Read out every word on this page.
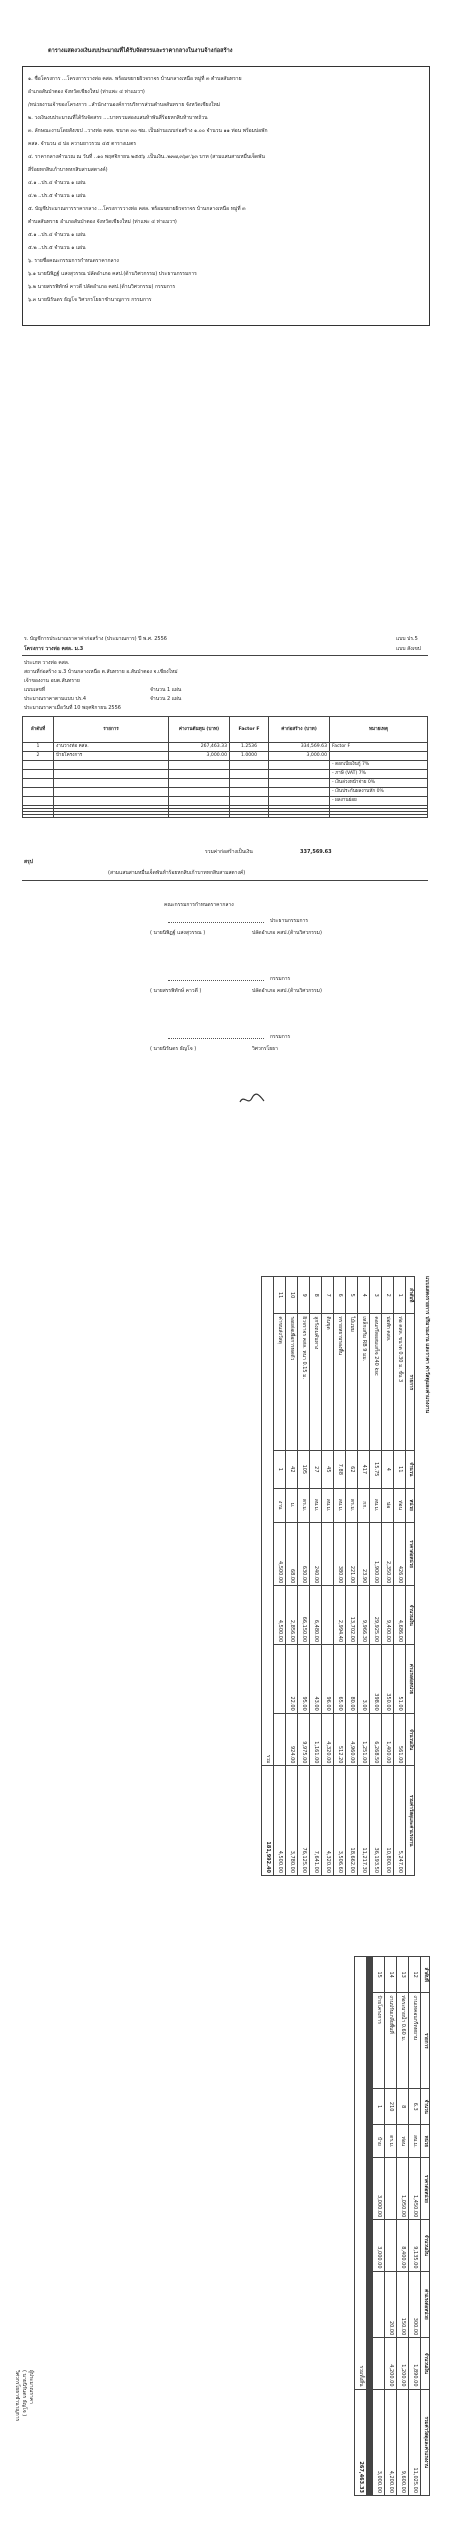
ตารางแสดงวงเงินงบประมาณที่ได้รับจัดสรรและราคากลางในงานจ้างก่อสร้าง
๑. ชื่อโครงการ ...โครงการวางท่อ คสล. พร้อมขยายผิวจราจร บ้านกลางเหนือ หมู่ที่ ๓ ตำบลสันทราย
อำเภอสันป่าตอง จังหวัดเชียงใหม่ (ท่าแพะ ๔ ท่าแมวฯ)
/หน่วยงานเจ้าของโครงการ ..สำนักงานองค์การบริหารส่วนตำบลสันทราย จังหวัดเชียงใหม่
๒. วงเงินงบประมาณที่ได้รับจัดสรร ....บาทรวมสองแสนห้าพันสี่ร้อยหกสิบห้าบาทถ้วน
๓. ลักษณะงานโดยสังเขป ..วางท่อ คสล. ขนาด ๓๐ ซม. เป็นผ่านแบบก่อสร้าง ๑.๐๐ จำนวน ๑๑ ท่อน พร้อมบ่อพัก
คสล. จำนวน ๔ บ่อ ความยาวรวม ๔๕ ตารางเมตร
๔. ราคากลางคำนวณ ณ วันที่ ..๑๐ พฤศจิกายน ๒๕๕๖ .เป็นเงิน..๒๓๗,๓๖๙.๖๓ บาท (สามแสนสามหมื่นเจ็ดพัน
สี่ร้อยหกสิบเก้าบาทหกสิบสามสตางค์)
๔.๑ ..ปร.๔ จำนวน ๑ แผ่น
๔.๒ ..ปร.๕ จำนวน ๑ แผ่น
๕. บัญชีประมาณการราคากลาง ...โครงการวางท่อ คสล. พร้อมขยายผิวจราจร บ้านกลางเหนือ หมู่ที่ ๓
ตำบลสันทราย อำเภอสันป่าตอง จังหวัดเชียงใหม่ (ท่าแพะ ๔ ท่าแมวฯ)
๕.๑ ..ปร.๔ จำนวน ๑ แผ่น
๕.๒ ..ปร.๕ จำนวน ๑ แผ่น
๖. รายชื่อคณะกรรมการกำหนดราคากลาง
๖.๑ นายนิพิฏฐ์ แสงสุวรรณ ปลัดอำเภอ คสป.(ด้านวิศวกรรม) ประธานกรรมการ
๖.๒ นายสรรพิทักษ์ คาวดี ปลัดอำเภอ คสป.(ด้านวิศวกรรม) กรรมการ
๖.๓ นายนิรันดร ธัญโจ วิศวกรโยธาชำนาญการ กรรมการ
ร. บัญชีการประมาณราคาค่าก่อสร้าง (ประมาณการ) ปี พ.ศ. 2556	แบบ ปร.5
โครงการ วางท่อ คสล. ม.3	แบบ สังเขป
ประเภท วางท่อ คสล.
สถานที่ก่อสร้าง ม.3 บ้านกลางเหนือ ต.สันทราย อ.สันป่าตอง จ.เชียงใหม่
เจ้าของงาน อบต.สันทราย
แบบเลขที่	จำนวน 1 แผ่น
ประมาณราคาตามแบบ ปร.4	จำนวน 2 แผ่น
ประมาณราคาเมื่อวันที่ 10 พฤศจิกายน 2556
ลำดับที่	รายการ	ค่างานต้นทุน (บาท)	Factor F	ค่าก่อสร้าง (บาท)	หมายเหตุ
1	งานวางท่อ คสล.	267,463.33	1.2536	334,569.63	Factor F
2	ป้ายโครงการ	3,000.00	1.0000	3,000.00	
					- ดอกเบี้ยเงินกู้ 7%
					- ภาษี (VAT) 7%
					- เงินล่วงหน้าจ่าย 0%
					- เงินประกันผลงานหัก 0%
					- ผลงานย่อย

รวมค่าก่อสร้างเป็นเงิน	337,569.63
สรุป
(สามแสนสามหมื่นเจ็ดพันห้าร้อยหกสิบเก้าบาทหกสิบสามสตางค์)
คณะกรรมการกำหนดราคากลาง
ประธานกรรมการ
( นายนิพิฏฐ์ แสงสุวรรณ )	ปลัดอำเภอ คสป.(ด้านวิศวกรรม)
กรรมการ
( นายสรรพิทักษ์ คาวดี )	ปลัดอำเภอ คสป.(ด้านวิศวกรรม)
กรรมการ
( นายนิรันดร ธัญโจ )	วิศวกรโยธา
แบบแสดงรายการ ปริมาณงาน และราคา ค่าวัสดุและค่าแรงงาน
ลำดับที่	รายการ	จำนวน	หน่วย	ราคาต่อหน่วย	จำนวนเงิน	ค่าแรงต่อหน่วย	จำนวนเงิน	รวมค่าวัสดุและค่าแรงงาน
1	ท่อ คสล. ขนาด 0.30 ม. ชั้น 3	11	ท่อน	426.00	4,686.00	51.00	561.00	5,247.00
2	บ่อพัก คสล.	4	บ่อ	2,350.00	9,400.00	350.00	1,400.00	10,800.00
3	คอนกรีตผสมเสร็จ 240 ksc	15.75	ลบ.ม.	1,900.00	29,925.00	398.00	6,268.50	36,193.50
4	เหล็กเสริม RB 9 มม.	417	กก.	23.90	9,966.30	3.00	1,251.00	11,217.30
5	ไม้แบบ	62	ตร.ม.	221.00	13,702.00	80.00	4,960.00	18,662.00
6	ทรายหยาบรองพื้น	7.88	ลบ.ม.	380.00	2,994.40	65.00	512.20	3,506.60
7	ดินขุด	45	ลบ.ม.			96.00	4,320.00	4,320.00
8	ลูกรังถมคันทาง	27	ลบ.ม.	240.00	6,480.00	43.00	1,161.00	7,641.00
9	ผิวจราจร คสล. หนา 0.15 ม.	105	ตร.ม.	630.00	66,150.00	95.00	9,975.00	76,125.00
10	รอยต่อเพื่อการหดตัว	42	ม.	68.00	2,856.00	22.00	924.00	3,780.00
11	ค่าขนส่งวัสดุ	1	งาน	4,500.00	4,500.00			4,500.00
รวม								181,992.40
ลำดับที่	รายการ	จำนวน	หน่วย	ราคาต่อหน่วย	จำนวนเงิน	ค่าแรงต่อหน่วย	จำนวนเงิน	รวมค่าวัสดุและค่าแรงงาน
12	งานเทคอนกรีตหยาบ	6.3	ลบ.ม.	1,450.00	9,135.00	300.00	1,890.00	11,025.00
13	ท่อระบายน้ำ 0.60 ม.	8	ท่อน	1,050.00	8,400.00	150.00	1,200.00	9,600.00
14	งานปรับเกลี่ยพื้นที่	210	ตร.ม.			20.00	4,200.00	4,200.00
15	ป้ายโครงการ	1	ป้าย	3,000.00	3,000.00			3,000.00

รวมทั้งสิ้น								267,463.33
ผู้ประมาณราคา
( นายนิรันดร ธัญโจ )
วิศวกรโยธาชำนาญการ
